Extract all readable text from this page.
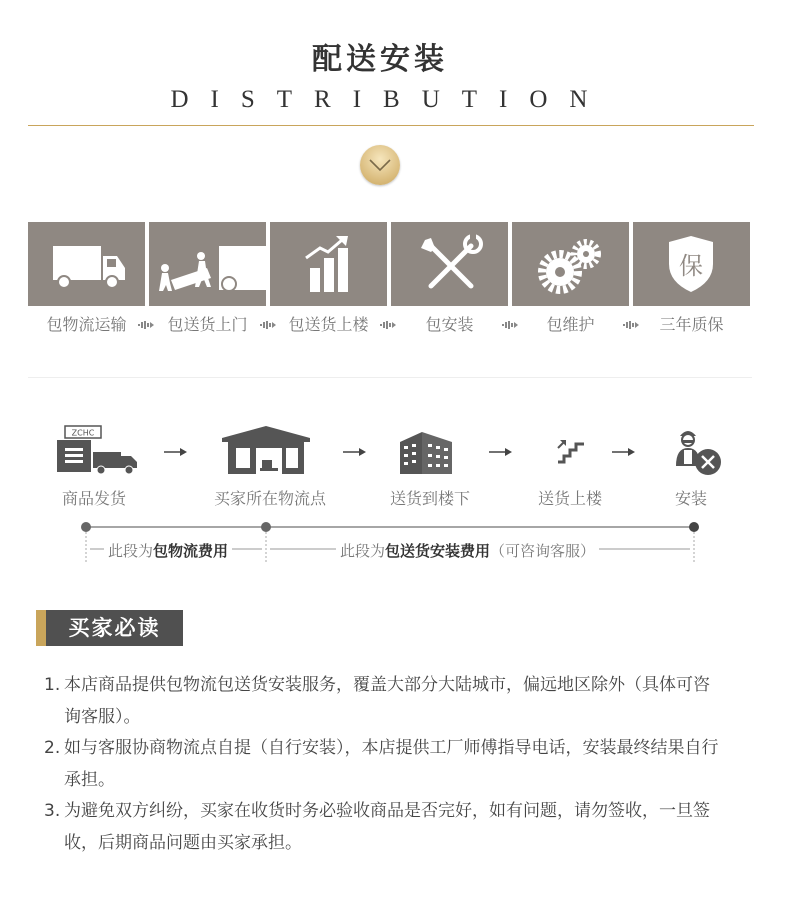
配送安装
DISTRIBUTION
保
包物流运输	包送货上门	包送货上楼	包安装	包维护	三年质保
ZCHC
商品发货	买家所在物流点	送货到楼下	送货上楼	安装
此段为包物流费用	此段为包送货安装费用（可咨询客服）
买家必读
1. 本店商品提供包物流包送货安装服务，覆盖大部分大陆城市，偏远地区除外（具体可咨询客服）。
2. 如与客服协商物流点自提（自行安装），本店提供工厂师傅指导电话，安装最终结果自行承担。
3. 为避免双方纠纷，买家在收货时务必验收商品是否完好，如有问题，请勿签收，一旦签收，后期商品问题由买家承担。
